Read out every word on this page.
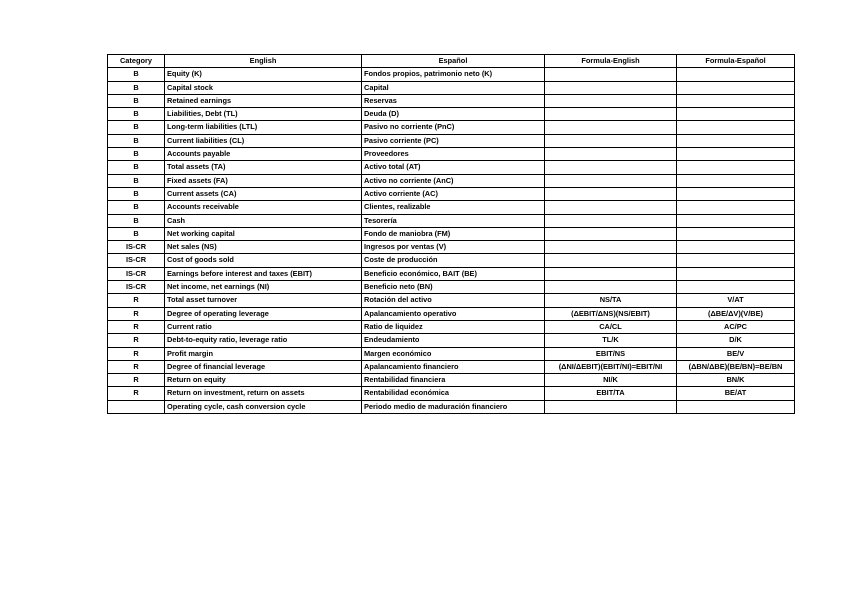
Category	English	Español	Formula-English	Formula-Español
B	Equity (K)	Fondos propios, patrimonio neto (K)		
B	Capital stock	Capital		
B	Retained earnings	Reservas		
B	Liabilities, Debt (TL)	Deuda (D)		
B	Long-term liabilities (LTL)	Pasivo no corriente (PnC)		
B	Current liabilities (CL)	Pasivo corriente (PC)		
B	Accounts payable	Proveedores		
B	Total assets (TA)	Activo total (AT)		
B	Fixed assets (FA)	Activo no corriente (AnC)		
B	Current assets (CA)	Activo corriente (AC)		
B	Accounts receivable	Clientes, realizable		
B	Cash	Tesorería		
B	Net working capital	Fondo de maniobra (FM)		
IS-CR	Net sales (NS)	Ingresos por ventas (V)		
IS-CR	Cost of goods sold	Coste de producción		
IS-CR	Earnings before interest and taxes (EBIT)	Beneficio económico, BAIT (BE)		
IS-CR	Net income, net earnings (NI)	Beneficio neto (BN)		
R	Total asset turnover	Rotación del activo	NS/TA	V/AT
R	Degree of operating leverage	Apalancamiento operativo	(ΔEBIT/ΔNS)(NS/EBIT)	(ΔBE/ΔV)(V/BE)
R	Current ratio	Ratio de liquidez	CA/CL	AC/PC
R	Debt-to-equity ratio, leverage ratio	Endeudamiento	TL/K	D/K
R	Profit margin	Margen económico	EBIT/NS	BE/V
R	Degree of financial leverage	Apalancamiento financiero	(ΔNI/ΔEBIT)(EBIT/NI)=EBIT/NI	(ΔBN/ΔBE)(BE/BN)=BE/BN
R	Return on equity	Rentabilidad financiera	NI/K	BN/K
R	Return on investment, return on assets	Rentabilidad económica	EBIT/TA	BE/AT
	Operating cycle, cash conversion cycle	Periodo medio de maduración financiero		
